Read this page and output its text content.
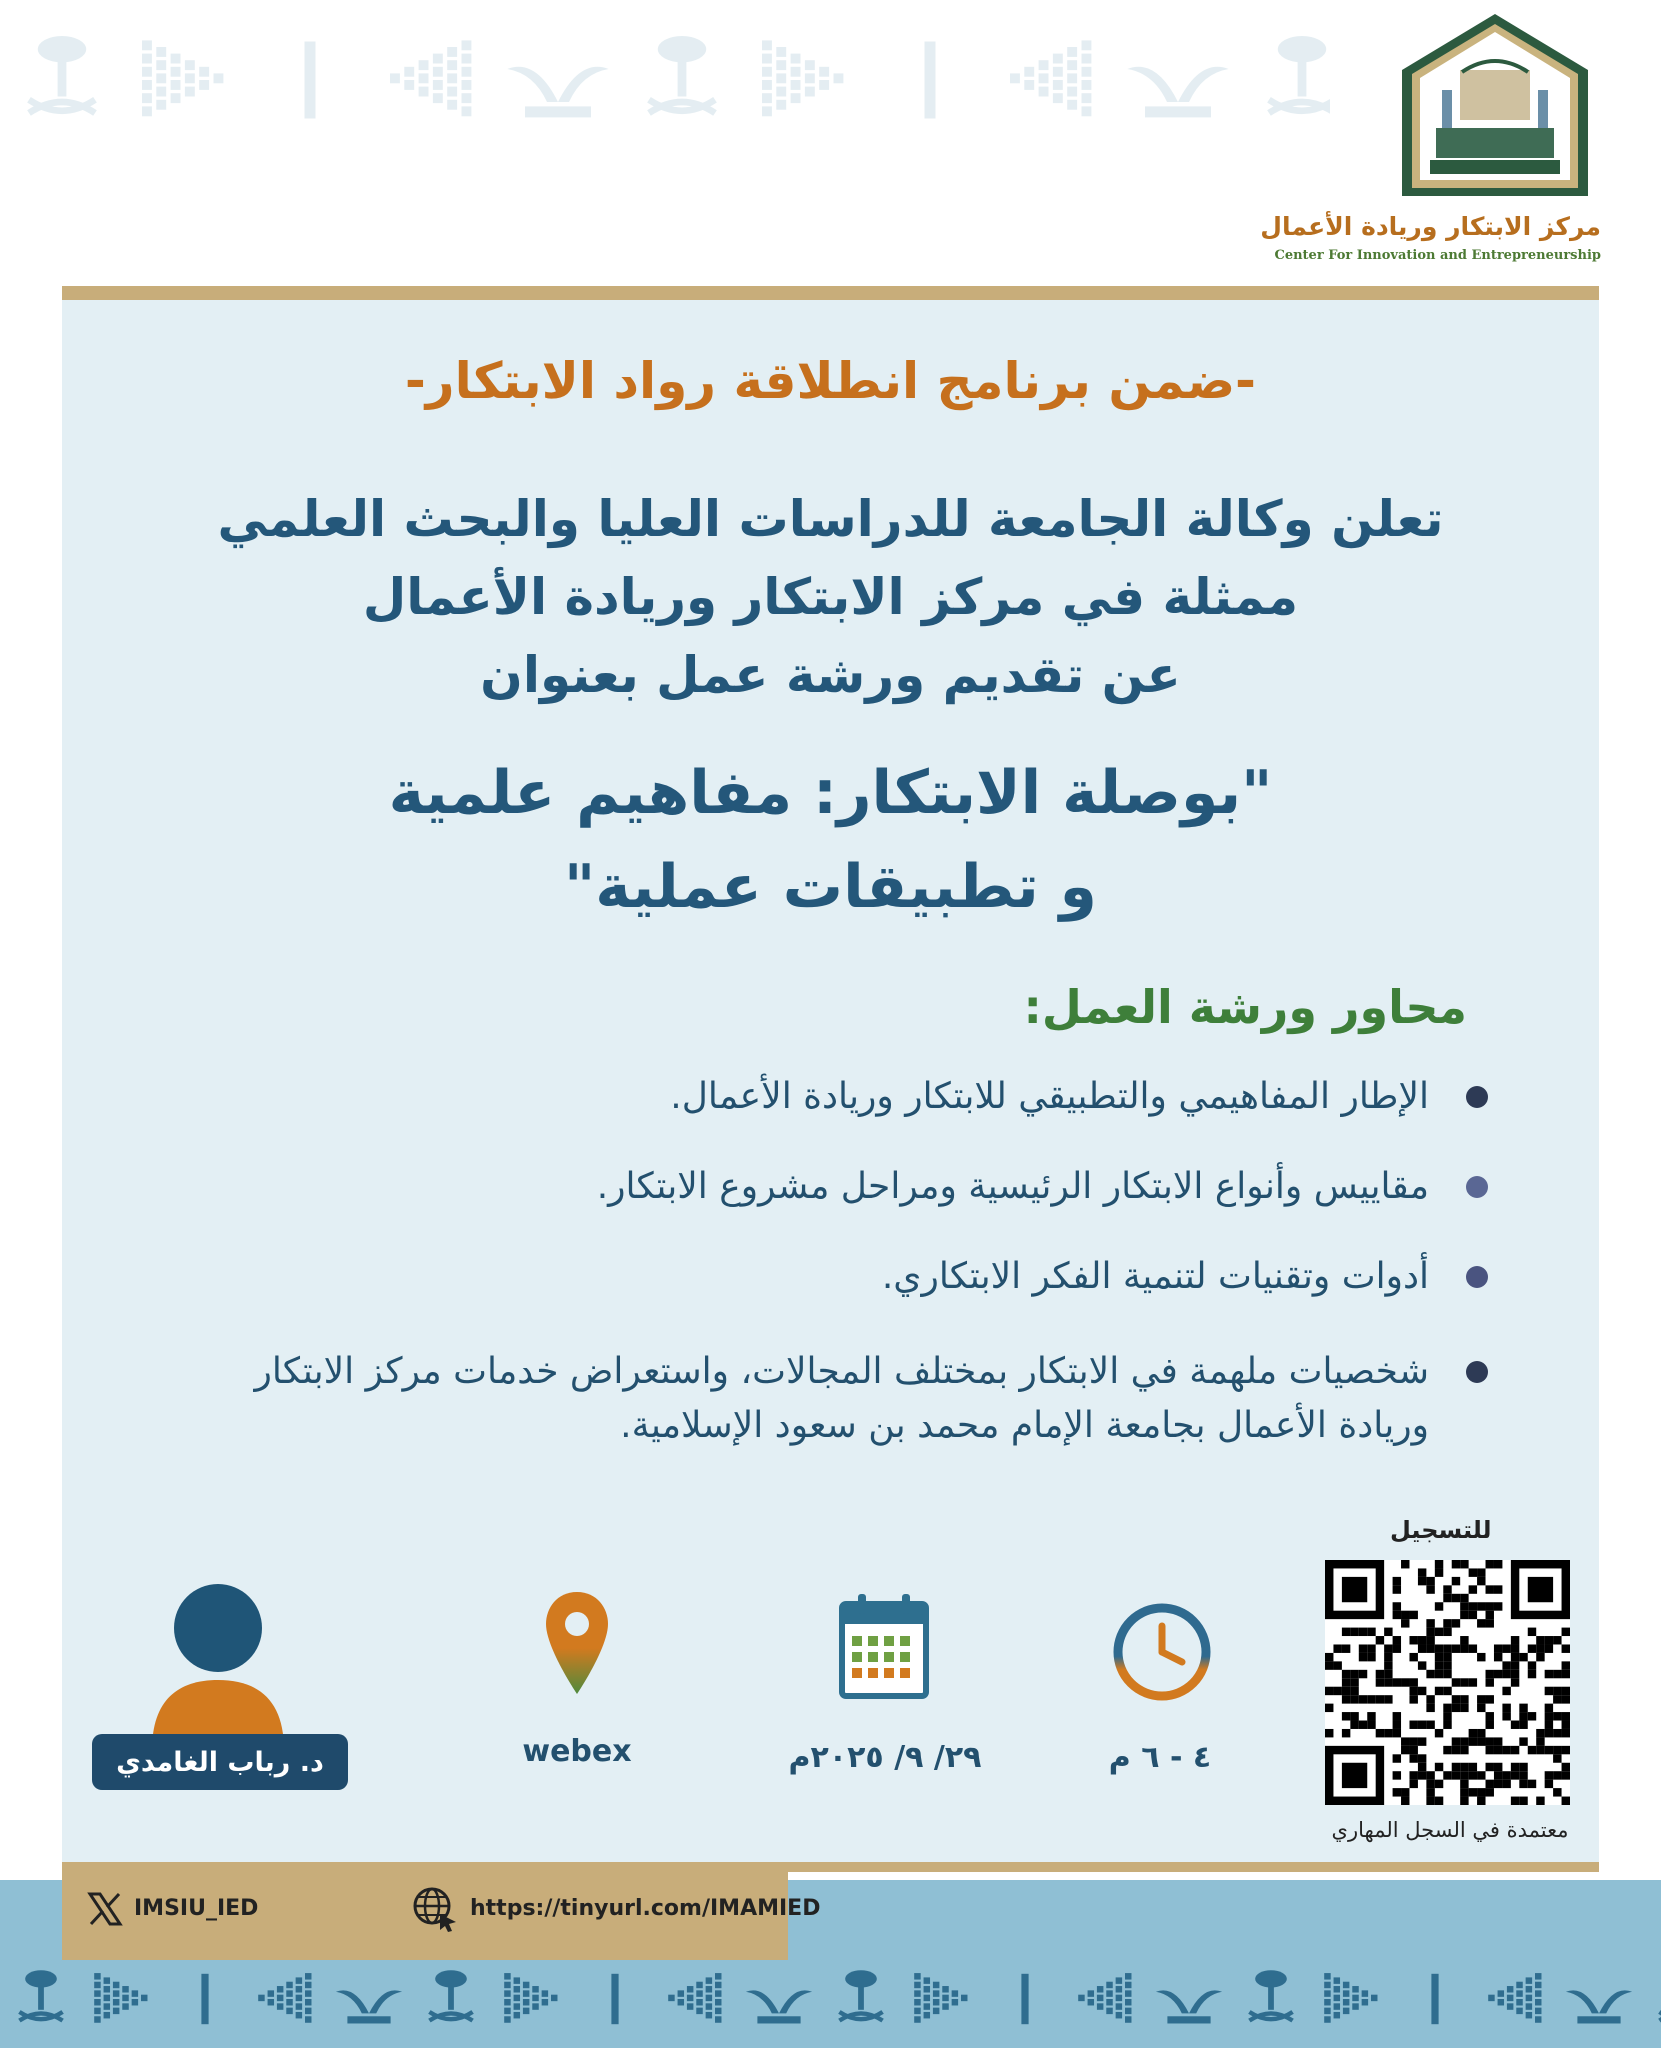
مركز الابتكار وريادة الأعمال
Center For Innovation and Entrepreneurship
-ضمن برنامج انطلاقة رواد الابتكار-
تعلن وكالة الجامعة للدراسات العليا والبحث العلمي
ممثلة في مركز الابتكار وريادة الأعمال
عن تقديم ورشة عمل بعنوان
"بوصلة الابتكار: مفاهيم علمية
و تطبيقات عملية"
محاور ورشة العمل:
الإطار المفاهيمي والتطبيقي للابتكار وريادة الأعمال.
مقاييس وأنواع الابتكار الرئيسية ومراحل مشروع الابتكار.
أدوات وتقنيات لتنمية الفكر الابتكاري.
شخصيات ملهمة في الابتكار بمختلف المجالات، واستعراض خدمات مركز الابتكار وريادة الأعمال بجامعة الإمام محمد بن سعود الإسلامية.
للتسجيل
معتمدة في السجل المهاري
٤ - ٦ م
٢٩/ ٩/ ٢٠٢٥م
webex
د. رباب الغامدي
IMSIU_IED	https://tinyurl.com/IMAMIED
